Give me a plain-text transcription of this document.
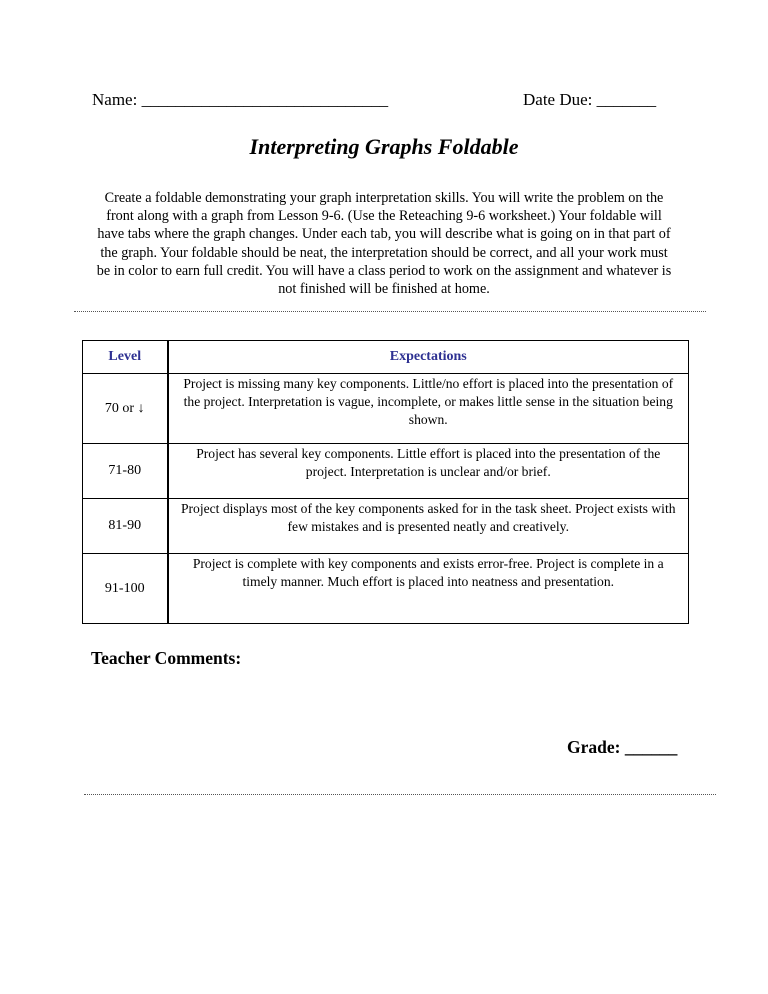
Name: _____________________________	Date Due: _______
Interpreting Graphs Foldable
Create a foldable demonstrating your graph interpretation skills. You will write the problem on the front along with a graph from Lesson 9-6. (Use the Reteaching 9-6 worksheet.) Your foldable will have tabs where the graph changes. Under each tab, you will describe what is going on in that part of the graph. Your foldable should be neat, the interpretation should be correct, and all your work must be in color to earn full credit. You will have a class period to work on the assignment and whatever is not finished will be finished at home.
Level	Expectations
70 or ↓	Project is missing many key components. Little/no effort is placed into the presentation of the project. Interpretation is vague, incomplete, or makes little sense in the situation being shown.
71-80	Project has several key components. Little effort is placed into the presentation of the project. Interpretation is unclear and/or brief.
81-90	Project displays most of the key components asked for in the task sheet. Project exists with few mistakes and is presented neatly and creatively.
91-100	Project is complete with key components and exists error-free. Project is complete in a timely manner. Much effort is placed into neatness and presentation.
Teacher Comments:
Grade: ______
